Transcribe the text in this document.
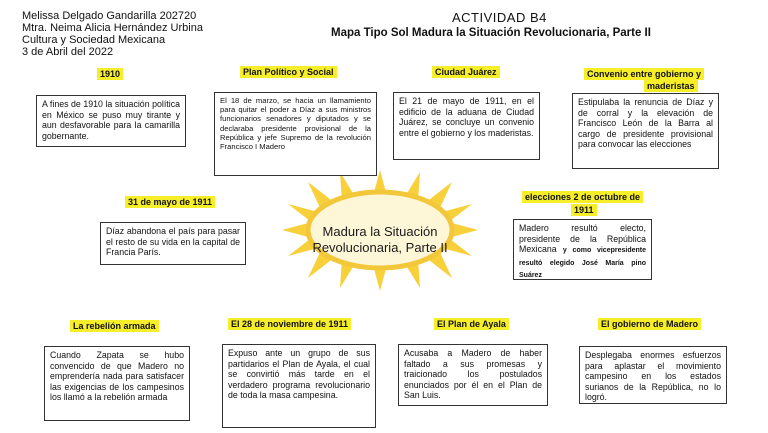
Melissa Delgado Gandarilla 202720
Mtra. Neima Alicia Hernández Urbina
Cultura y Sociedad Mexicana
3 de Abril del 2022
ACTIVIDAD B4
Mapa Tipo Sol Madura la Situación Revolucionaria, Parte II
Madura la Situación
Revolucionaria, Parte II
1910
A fines de 1910 la situación política en México se puso muy tirante y aun desfavorable para la camarilla gobernante.
Plan Político y Social
El 18 de marzo, se hacia un llamamiento para quitar el poder a Díaz a sus ministros funcionarios senadores y diputados y se declaraba presidente provisional de la República y jefe Supremo de la revolución Francisco I Madero
Ciudad Juárez
El 21 de mayo de 1911, en el edificio de la aduana de Ciudad Juárez, se concluye un convenio entre el gobierno y los maderistas.
Convenio entre gobierno y
maderistas
Estipulaba la renuncia de Díaz y de corral y la elevación de Francisco León de la Barra al cargo de presidente provisional para convocar las elecciones
31 de mayo de 1911
Díaz abandona el país para pasar el resto de su vida en la capital de Francia París.
elecciones 2 de octubre de
1911
Madero resultó electo, presidente de la República Mexicana y como vicepresidente resultó elegido José María pino Suárez
La rebelión armada
Cuando Zapata se hubo convencido de que Madero no emprendería nada para satisfacer las exigencias de los campesinos los llamó a la rebelión armada
El 28 de noviembre de 1911
Expuso ante un grupo de sus partidarios el Plan de Ayala, el cual se convirtió más tarde en el verdadero programa revolucionario de toda la masa campesina.
El Plan de Ayala
Acusaba a Madero de haber faltado a sus promesas y traicionado los postulados enunciados por él en el Plan de San Luis.
El gobierno de Madero
Desplegaba enormes esfuerzos para aplastar el movimiento campesino en los estados surianos de la República, no lo logró.
